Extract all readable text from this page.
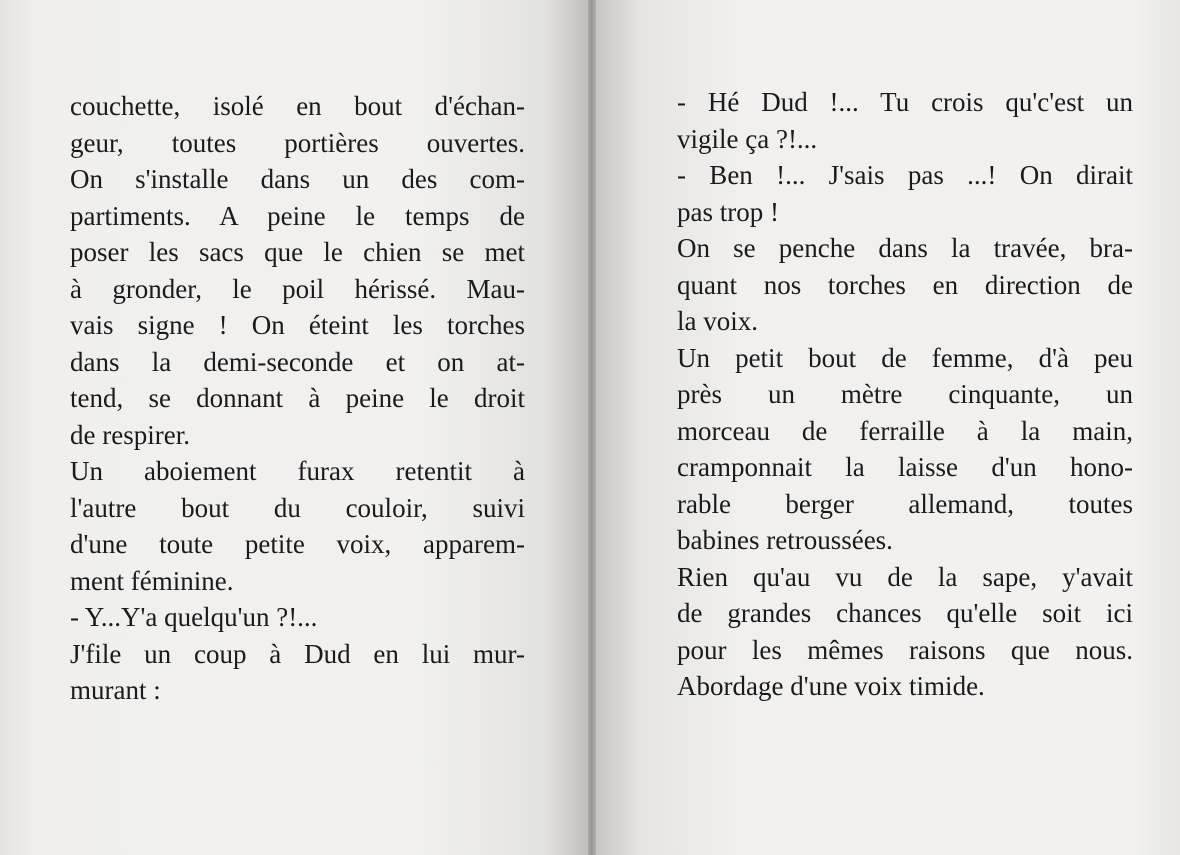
couchette, isolé en bout d'échan-
geur, toutes portières ouvertes.
On s'installe dans un des com-
partiments. A peine le temps de
poser les sacs que le chien se met
à gronder, le poil hérissé. Mau-
vais signe ! On éteint les torches
dans la demi-seconde et on at-
tend, se donnant à peine le droit
de respirer.
Un aboiement furax retentit à
l'autre bout du couloir, suivi
d'une toute petite voix, apparem-
ment féminine.
- Y...Y'a quelqu'un ?!...
J'file un coup à Dud en lui mur-
murant :
- Hé Dud !... Tu crois qu'c'est un
vigile ça ?!...
- Ben !... J'sais pas ...! On dirait
pas trop !
On se penche dans la travée, bra-
quant nos torches en direction de
la voix.
Un petit bout de femme, d'à peu
près un mètre cinquante, un
morceau de ferraille à la main,
cramponnait la laisse d'un hono-
rable berger allemand, toutes
babines retroussées.
Rien qu'au vu de la sape, y'avait
de grandes chances qu'elle soit ici
pour les mêmes raisons que nous.
Abordage d'une voix timide.
